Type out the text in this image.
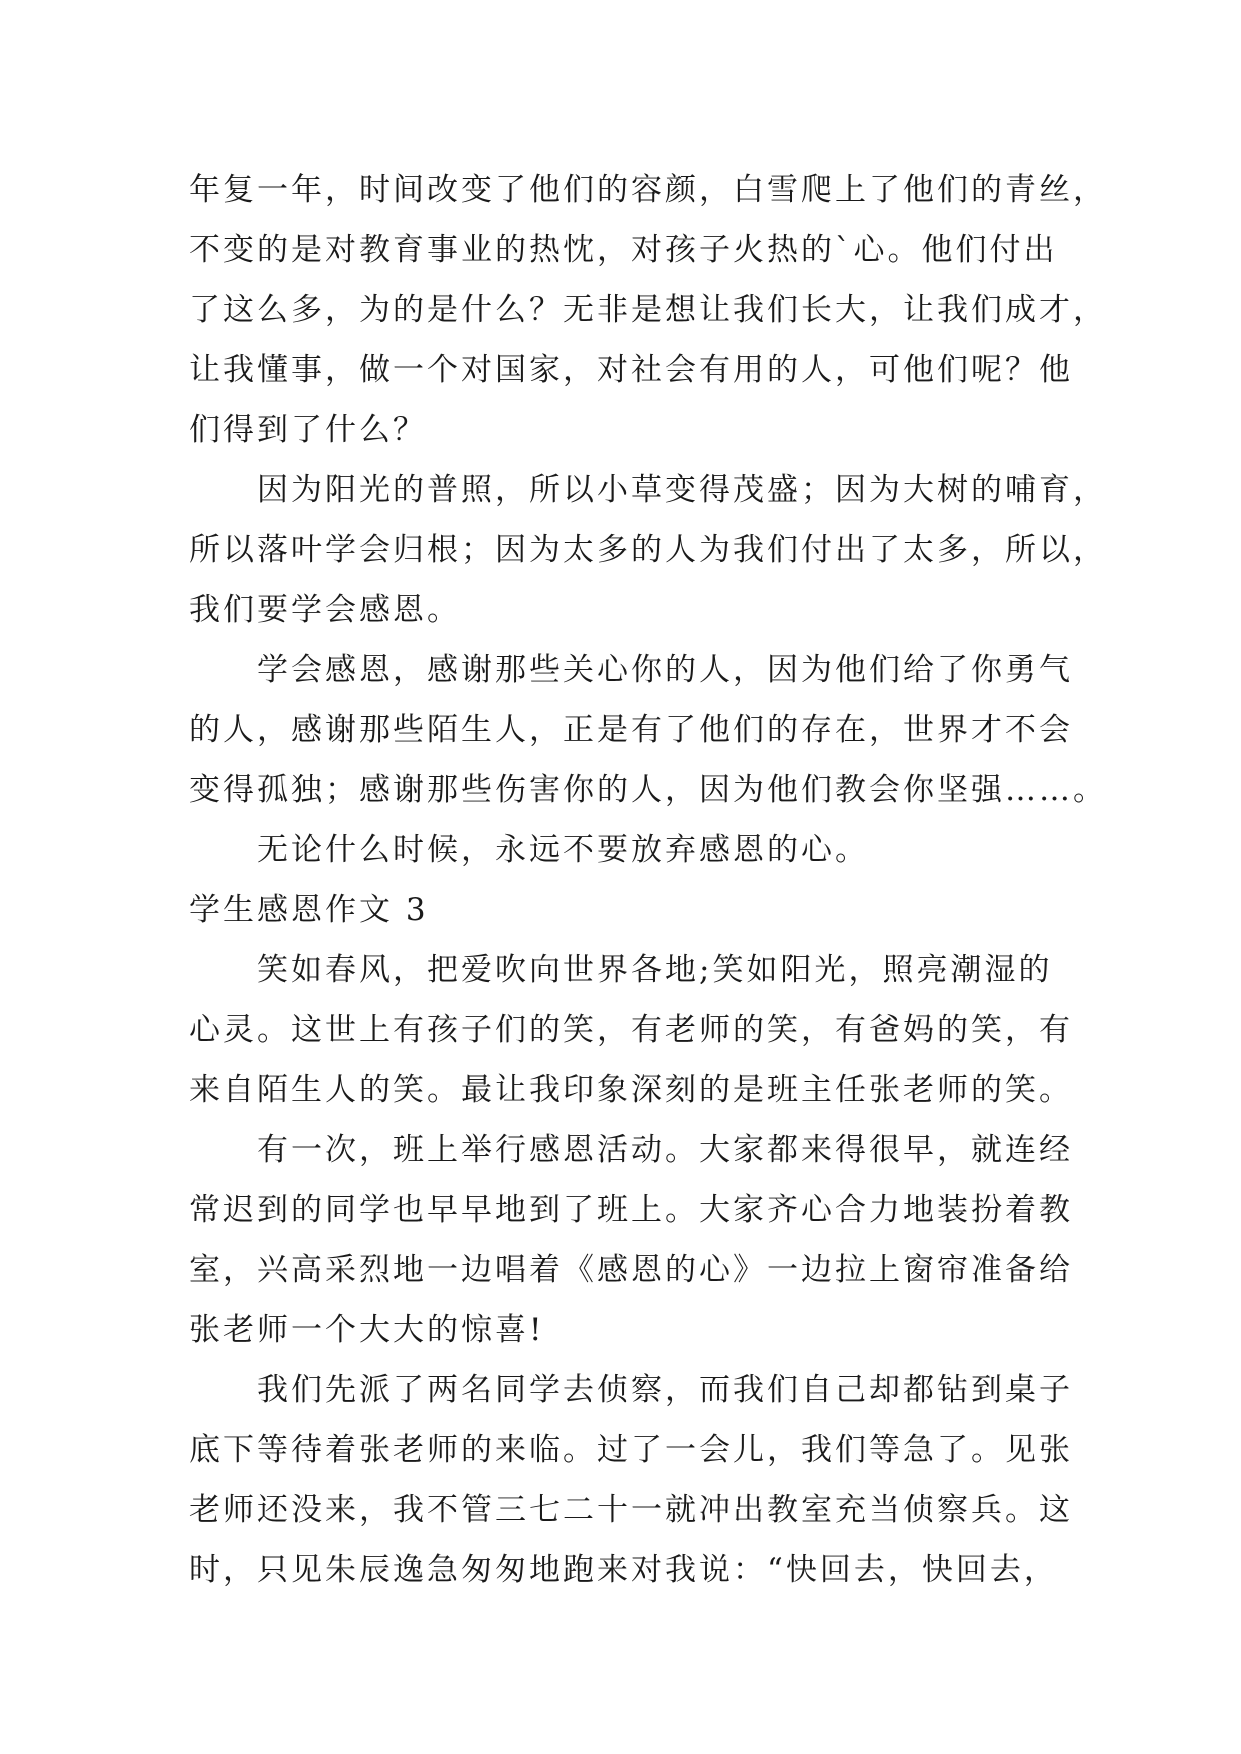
年复一年，时间改变了他们的容颜，白雪爬上了他们的青丝，
不变的是对教育事业的热忱，对孩子火热的`心。他们付出
了这么多，为的是什么？无非是想让我们长大，让我们成才，
让我懂事，做一个对国家，对社会有用的人，可他们呢？他
们得到了什么？
因为阳光的普照，所以小草变得茂盛；因为大树的哺育，
所以落叶学会归根；因为太多的人为我们付出了太多，所以，
我们要学会感恩。
学会感恩，感谢那些关心你的人，因为他们给了你勇气
的人，感谢那些陌生人，正是有了他们的存在，世界才不会
变得孤独；感谢那些伤害你的人，因为他们教会你坚强……。
无论什么时候，永远不要放弃感恩的心。
学生感恩作文 3
笑如春风，把爱吹向世界各地;笑如阳光，照亮潮湿的
心灵。这世上有孩子们的笑，有老师的笑，有爸妈的笑，有
来自陌生人的笑。最让我印象深刻的是班主任张老师的笑。
有一次，班上举行感恩活动。大家都来得很早，就连经
常迟到的同学也早早地到了班上。大家齐心合力地装扮着教
室，兴高采烈地一边唱着《感恩的心》一边拉上窗帘准备给
张老师一个大大的惊喜!
我们先派了两名同学去侦察，而我们自己却都钻到桌子
底下等待着张老师的来临。过了一会儿，我们等急了。见张
老师还没来，我不管三七二十一就冲出教室充当侦察兵。这
时，只见朱辰逸急匆匆地跑来对我说：“快回去，快回去，
